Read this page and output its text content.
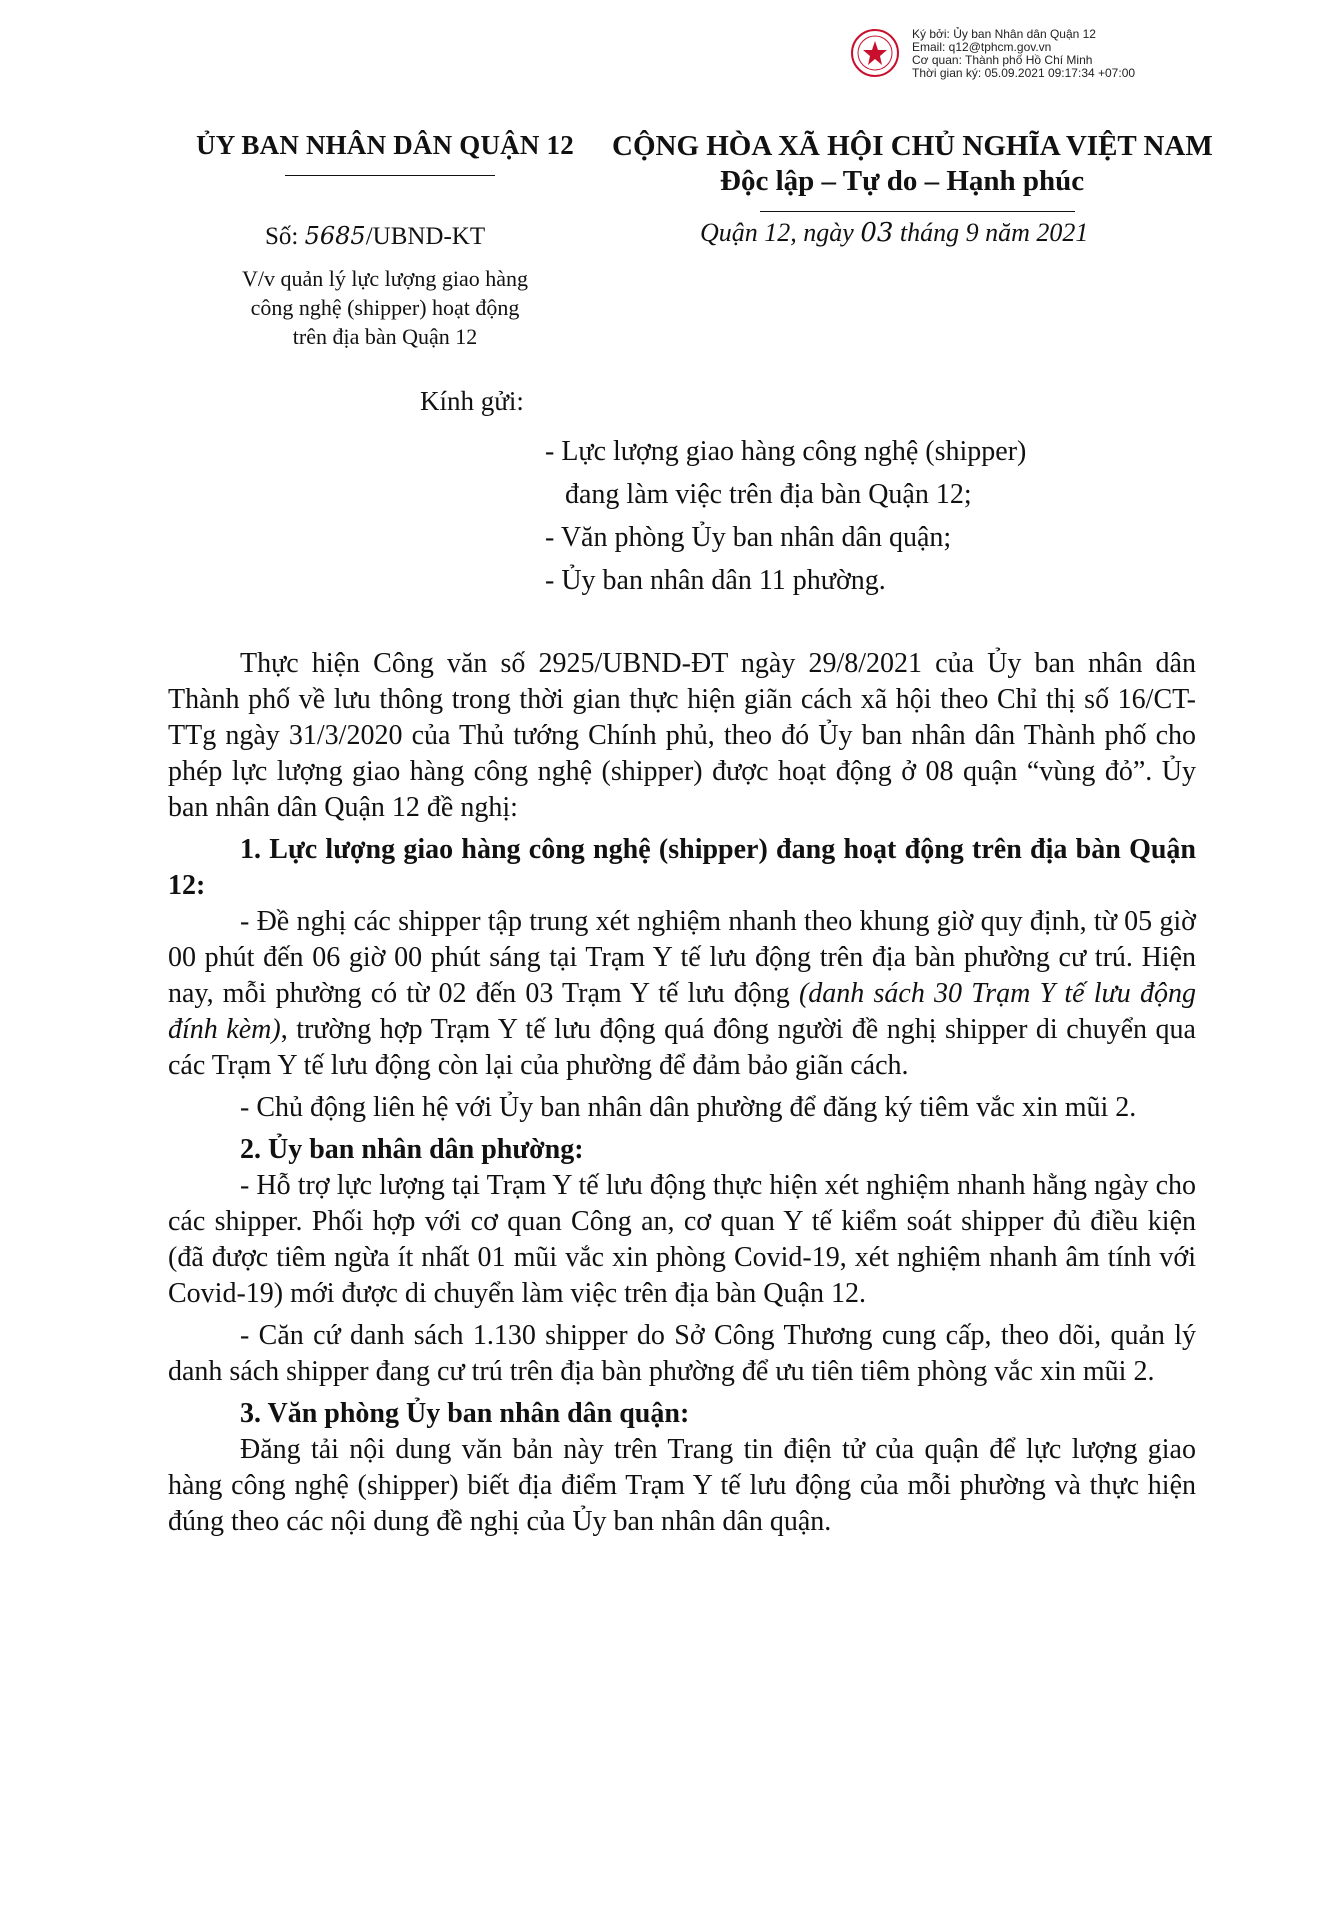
Ký bởi: Ủy ban Nhân dân Quận 12
Email: q12@tphcm.gov.vn
Cơ quan: Thành phố Hồ Chí Minh
Thời gian ký: 05.09.2021 09:17:34 +07:00
ỦY BAN NHÂN DÂN QUẬN 12	CỘNG HÒA XÃ HỘI CHỦ NGHĨA VIỆT NAM
Độc lập – Tự do – Hạnh phúc
Số: 5685/UBND-KT	Quận 12, ngày 03 tháng 9 năm 2021
V/v quản lý lực lượng giao hàng
công nghệ (shipper) hoạt động
trên địa bàn Quận 12
Kính gửi:
- Lực lượng giao hàng công nghệ (shipper)
đang làm việc trên địa bàn Quận 12;
- Văn phòng Ủy ban nhân dân quận;
- Ủy ban nhân dân 11 phường.

Thực hiện Công văn số 2925/UBND-ĐT ngày 29/8/2021 của Ủy ban nhân dân Thành phố về lưu thông trong thời gian thực hiện giãn cách xã hội theo Chỉ thị số 16/CT-TTg ngày 31/3/2020 của Thủ tướng Chính phủ, theo đó Ủy ban nhân dân Thành phố cho phép lực lượng giao hàng công nghệ (shipper) được hoạt động ở 08 quận “vùng đỏ”. Ủy ban nhân dân Quận 12 đề nghị:

1. Lực lượng giao hàng công nghệ (shipper) đang hoạt động trên địa bàn Quận 12:

- Đề nghị các shipper tập trung xét nghiệm nhanh theo khung giờ quy định, từ 05 giờ 00 phút đến 06 giờ 00 phút sáng tại Trạm Y tế lưu động trên địa bàn phường cư trú. Hiện nay, mỗi phường có từ 02 đến 03 Trạm Y tế lưu động (danh sách 30 Trạm Y tế lưu động đính kèm), trường hợp Trạm Y tế lưu động quá đông người đề nghị shipper di chuyển qua các Trạm Y tế lưu động còn lại của phường để đảm bảo giãn cách.

- Chủ động liên hệ với Ủy ban nhân dân phường để đăng ký tiêm vắc xin mũi 2.

2. Ủy ban nhân dân phường:

- Hỗ trợ lực lượng tại Trạm Y tế lưu động thực hiện xét nghiệm nhanh hằng ngày cho các shipper. Phối hợp với cơ quan Công an, cơ quan Y tế kiểm soát shipper đủ điều kiện (đã được tiêm ngừa ít nhất 01 mũi vắc xin phòng Covid-19, xét nghiệm nhanh âm tính với Covid-19) mới được di chuyển làm việc trên địa bàn Quận 12.

- Căn cứ danh sách 1.130 shipper do Sở Công Thương cung cấp, theo dõi, quản lý danh sách shipper đang cư trú trên địa bàn phường để ưu tiên tiêm phòng vắc xin mũi 2.

3. Văn phòng Ủy ban nhân dân quận:

Đăng tải nội dung văn bản này trên Trang tin điện tử của quận để lực lượng giao hàng công nghệ (shipper) biết địa điểm Trạm Y tế lưu động của mỗi phường và thực hiện đúng theo các nội dung đề nghị của Ủy ban nhân dân quận.
